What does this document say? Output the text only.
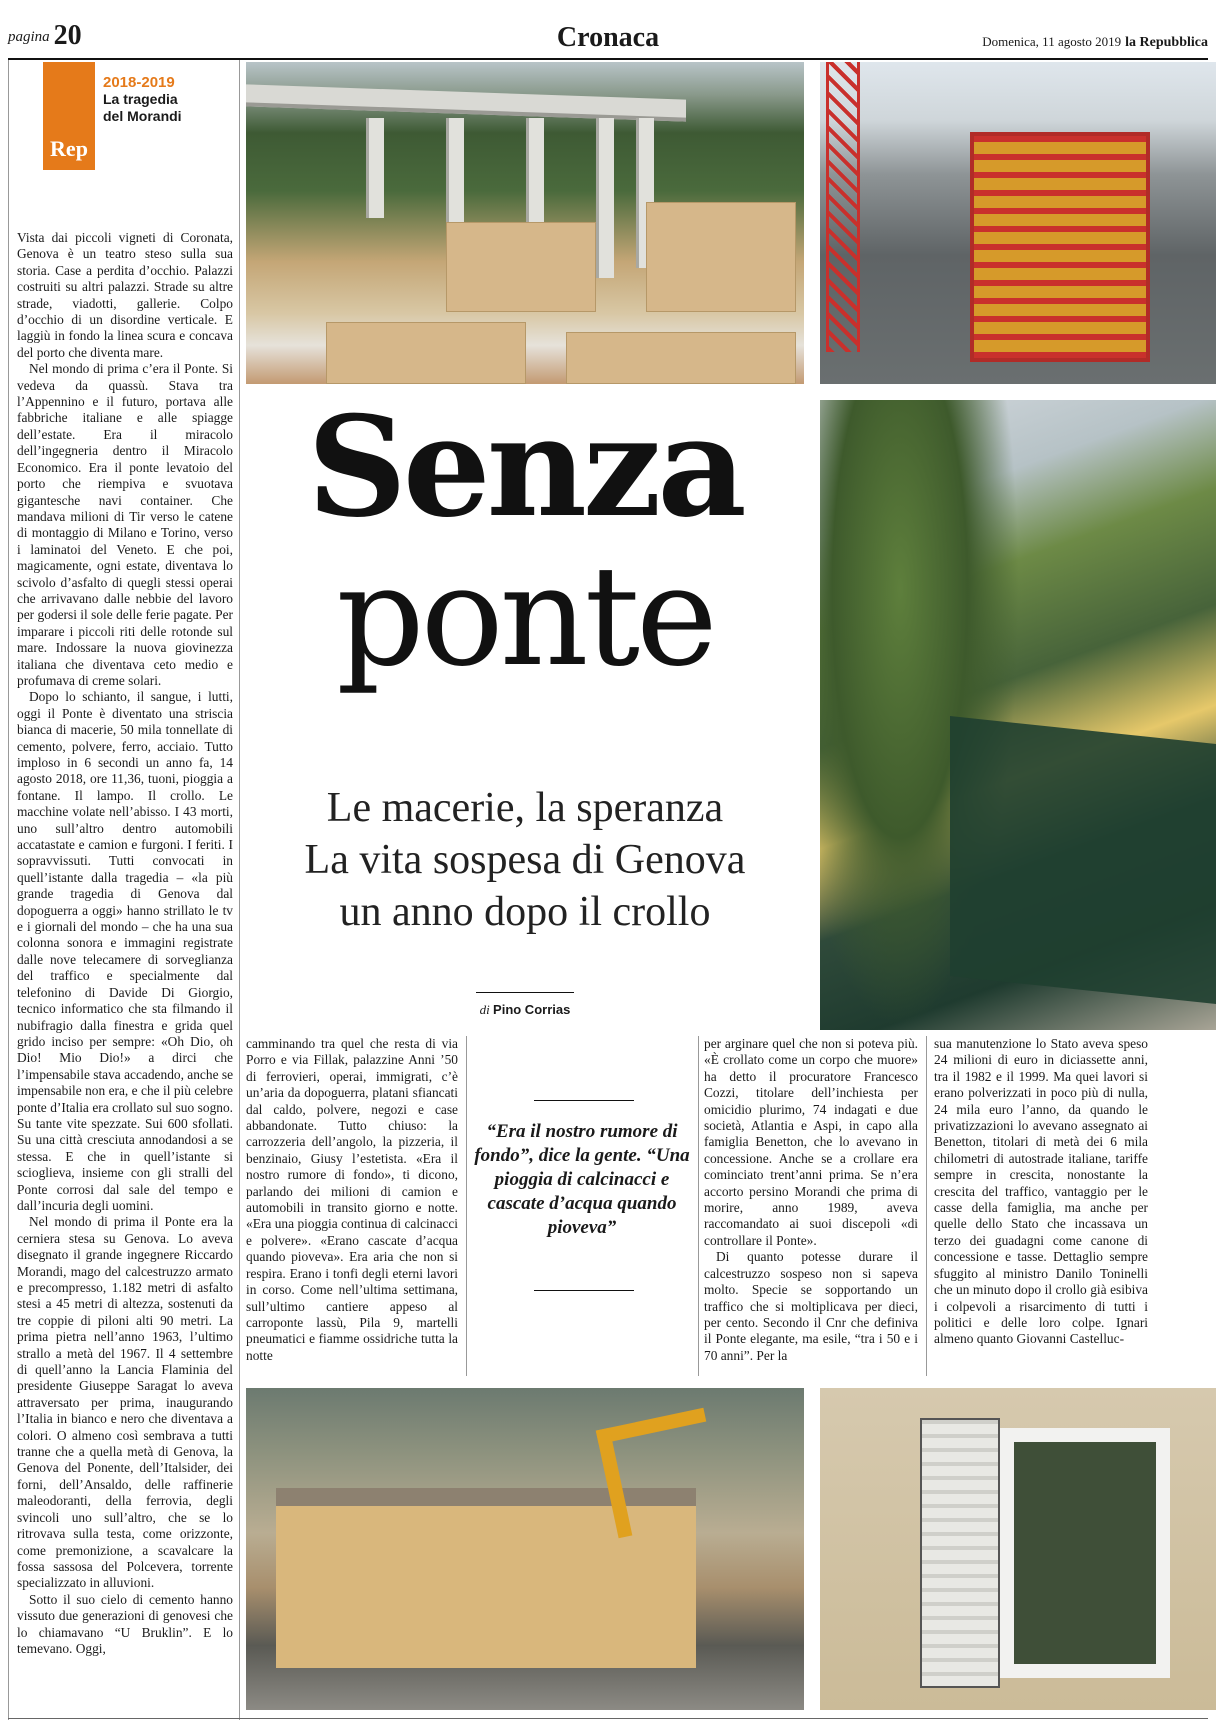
pagina 20	Cronaca	Domenica, 11 agosto 2019 la Repubblica
Rep
2018-2019
La tragedia
del Morandi

Vista dai piccoli vigneti di Coronata, Genova è un teatro steso sulla sua storia. Case a perdita d’occhio. Palazzi costruiti su altri palazzi. Strade su altre strade, viadotti, gallerie. Colpo d’occhio di un disordine verticale. E laggiù in fondo la linea scura e concava del porto che diventa mare.

Nel mondo di prima c’era il Ponte. Si vedeva da quassù. Stava tra l’Appennino e il futuro, portava alle fabbriche italiane e alle spiagge dell’estate. Era il miracolo dell’ingegneria dentro il Miracolo Economico. Era il ponte levatoio del porto che riempiva e svuotava gigantesche navi container. Che mandava milioni di Tir verso le catene di montaggio di Milano e Torino, verso i laminatoi del Veneto. E che poi, magicamente, ogni estate, diventava lo scivolo d’asfalto di quegli stessi operai che arrivavano dalle nebbie del lavoro per godersi il sole delle ferie pagate. Per imparare i piccoli riti delle rotonde sul mare. Indossare la nuova giovinezza italiana che diventava ceto medio e profumava di creme solari.

Dopo lo schianto, il sangue, i lutti, oggi il Ponte è diventato una striscia bianca di macerie, 50 mila tonnellate di cemento, polvere, ferro, acciaio. Tutto imploso in 6 secondi un anno fa, 14 agosto 2018, ore 11,36, tuoni, pioggia a fontane. Il lampo. Il crollo. Le macchine volate nell’abisso. I 43 morti, uno sull’altro dentro automobili accatastate e camion e furgoni. I feriti. I sopravvissuti. Tutti convocati in quell’istante dalla tragedia – «la più grande tragedia di Genova dal dopoguerra a oggi» hanno strillato le tv e i giornali del mondo – che ha una sua colonna sonora e immagini registrate dalle nove telecamere di sorveglianza del traffico e specialmente dal telefonino di Davide Di Giorgio, tecnico informatico che sta filmando il nubifragio dalla finestra e grida quel grido inciso per sempre: «Oh Dio, oh Dio! Mio Dio!» a dirci che l’impensabile stava accadendo, anche se impensabile non era, e che il più celebre ponte d’Italia era crollato sul suo sogno. Su tante vite spezzate. Sui 600 sfollati. Su una città cresciuta annodandosi a se stessa. E che in quell’istante si scioglieva, insieme con gli stralli del Ponte corrosi dal sale del tempo e dall’incuria degli uomini.

Nel mondo di prima il Ponte era la cerniera stesa su Genova. Lo aveva disegnato il grande ingegnere Riccardo Morandi, mago del calcestruzzo armato e precompresso, 1.182 metri di asfalto stesi a 45 metri di altezza, sostenuti da tre coppie di piloni alti 90 metri. La prima pietra nell’anno 1963, l’ultimo strallo a metà del 1967. Il 4 settembre di quell’anno la Lancia Flaminia del presidente Giuseppe Saragat lo aveva attraversato per prima, inaugurando l’Italia in bianco e nero che diventava a colori. O almeno così sembrava a tutti tranne che a quella metà di Genova, la Genova del Ponente, dell’Italsider, dei forni, dell’Ansaldo, delle raffinerie maleodoranti, della ferrovia, degli svincoli uno sull’altro, che se lo ritrovava sulla testa, come orizzonte, come premonizione, a scavalcare la fossa sassosa del Polcevera, torrente specializzato in alluvioni.

Sotto il suo cielo di cemento hanno vissuto due generazioni di genovesi che lo chiamavano “U Bruklin”. E lo temevano. Oggi,

Senza
ponte
Le macerie, la speranza
La vita sospesa di Genova
un anno dopo il crollo
di Pino Corrias

camminando tra quel che resta di via Porro e via Fillak, palazzine Anni ’50 di ferrovieri, operai, immigrati, c’è un’aria da dopoguerra, platani sfiancati dal caldo, polvere, negozi e case abbandonate. Tutto chiuso: la carrozzeria dell’angolo, la pizzeria, il benzinaio, Giusy l’estetista. «Era il nostro rumore di fondo», ti dicono, parlando dei milioni di camion e automobili in transito giorno e notte. «Era una pioggia continua di calcinacci e polvere». «Erano cascate d’acqua quando pioveva». Era aria che non si respira. Erano i tonfi degli eterni lavori in corso. Come nell’ultima settimana, sull’ultimo cantiere appeso al carroponte lassù, Pila 9, martelli pneumatici e fiamme ossidriche tutta la notte

“Era il nostro rumore di fondo”, dice la gente. “Una pioggia di calcinacci e cascate d’acqua quando pioveva”

per arginare quel che non si poteva più. «È crollato come un corpo che muore» ha detto il procuratore Francesco Cozzi, titolare dell’inchiesta per omicidio plurimo, 74 indagati e due società, Atlantia e Aspi, in capo alla famiglia Benetton, che lo avevano in concessione. Anche se a crollare era cominciato trent’anni prima. Se n’era accorto persino Morandi che prima di morire, anno 1989, aveva raccomandato ai suoi discepoli «di controllare il Ponte».

Di quanto potesse durare il calcestruzzo sospeso non si sapeva molto. Specie se sopportando un traffico che si moltiplicava per dieci, per cento. Secondo il Cnr che definiva il Ponte elegante, ma esile, “tra i 50 e i 70 anni”. Per la

sua manutenzione lo Stato aveva speso 24 milioni di euro in diciassette anni, tra il 1982 e il 1999. Ma quei lavori si erano polverizzati in poco più di nulla, 24 mila euro l’anno, da quando le privatizzazioni lo avevano assegnato ai Benetton, titolari di metà dei 6 mila chilometri di autostrade italiane, tariffe sempre in crescita, nonostante la crescita del traffico, vantaggio per le casse della famiglia, ma anche per quelle dello Stato che incassava un terzo dei guadagni come canone di concessione e tasse. Dettaglio sempre sfuggito al ministro Danilo Toninelli che un minuto dopo il crollo già esibiva i colpevoli a risarcimento di tutti i politici e delle loro colpe. Ignari almeno quanto Giovanni Castelluc-
